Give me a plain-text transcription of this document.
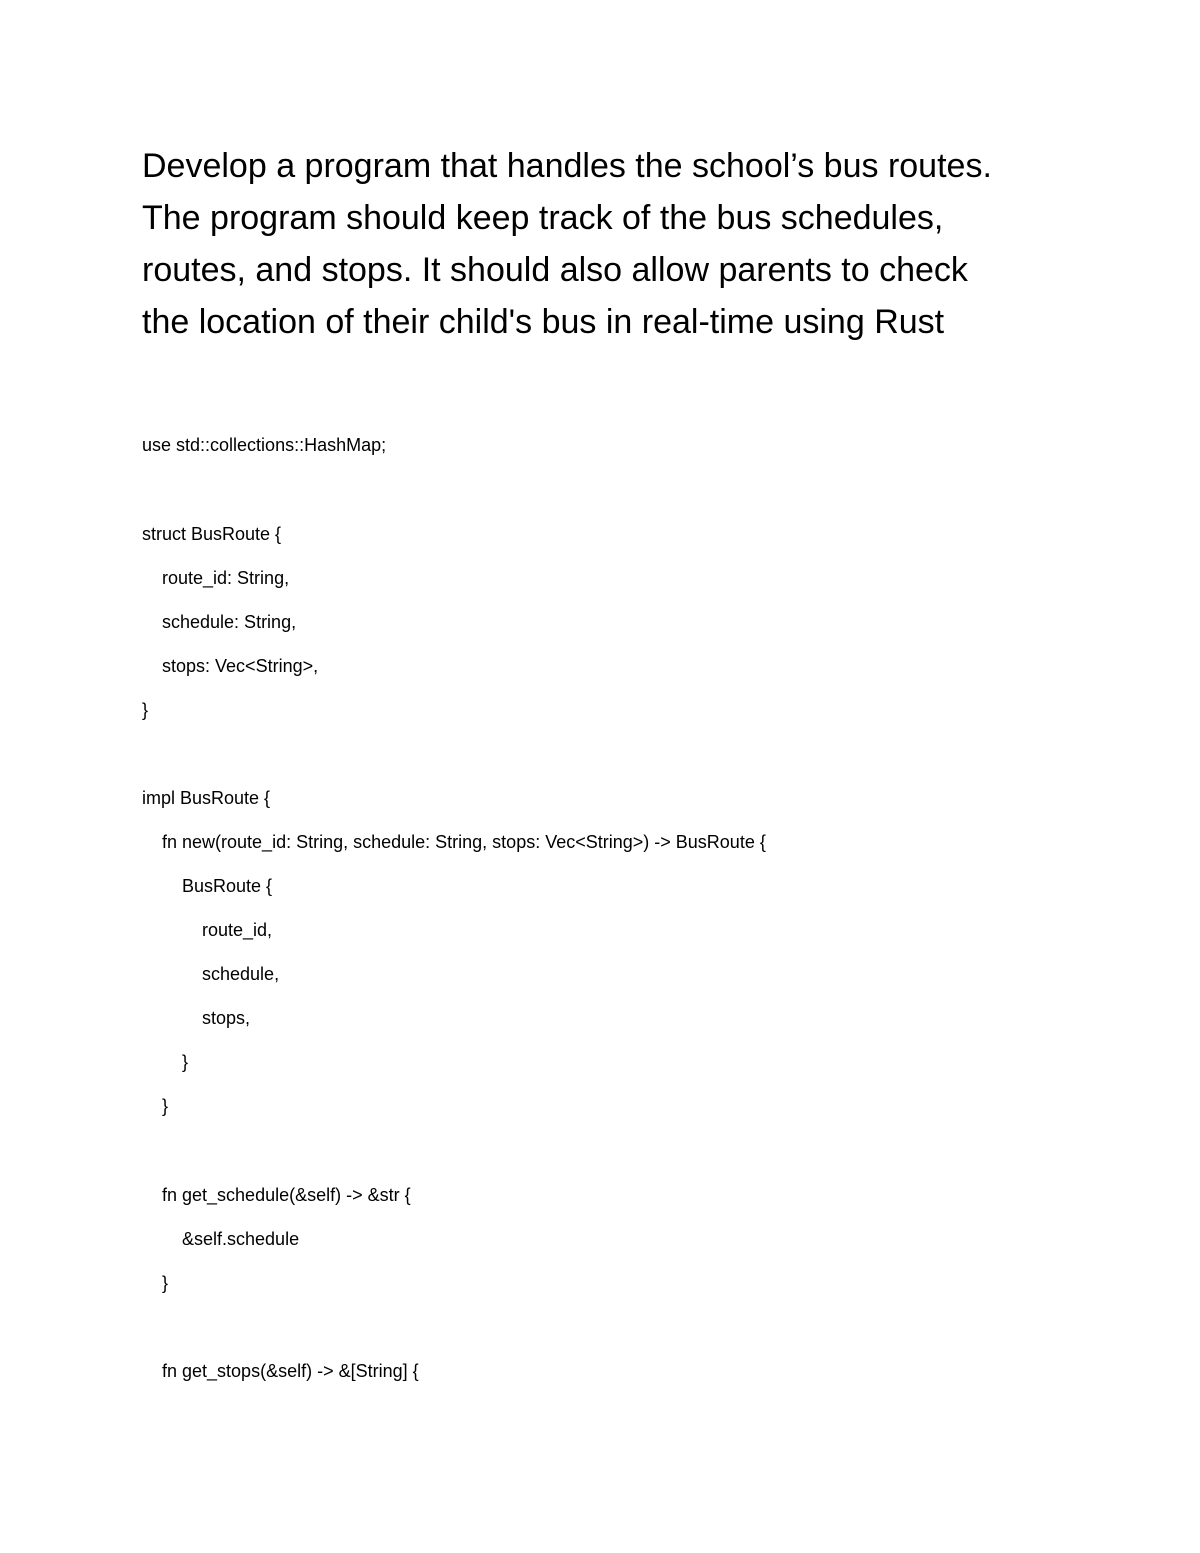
Develop a program that handles the school’s bus routes.
The program should keep track of the bus schedules,
routes, and stops. It should also allow parents to check
the location of their child's bus in real-time using Rust
use std::collections::HashMap;
struct BusRoute {
route_id: String,
schedule: String,
stops: Vec<String>,
}
impl BusRoute {
fn new(route_id: String, schedule: String, stops: Vec<String>) -> BusRoute {
BusRoute {
route_id,
schedule,
stops,
}
}
fn get_schedule(&self) -> &str {
&self.schedule
}
fn get_stops(&self) -> &[String] {
